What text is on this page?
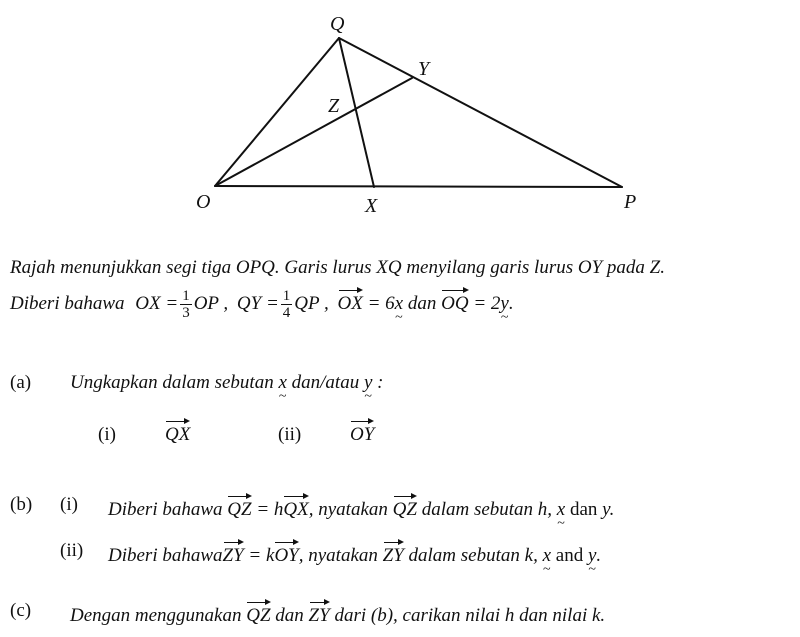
Q
Y
Z
O	X	P
Rajah menunjukkan segi tiga OPQ. Garis lurus XQ menyilang garis lurus OY pada Z.
Diberi bahawa OX = $\frac{1}{3}$ OP , QY = $\frac{1}{4}$ QP , OX = 6x ~ dan OQ = 2y ~.
(a) Ungkapkan dalam sebutan x ~ dan/atau y ~ :
(i)	QX	(ii)	OY
(b) (i) Diberi bahawa QZ = hQX, nyatakan QZ dalam sebutan h, x ~ dan y.
(ii) Diberi bahawaZY = kOY, nyatakan ZY dalam sebutan k, x ~ and y ~.
(c) Dengan menggunakan QZ dan ZY dari (b), carikan nilai h dan nilai k.
